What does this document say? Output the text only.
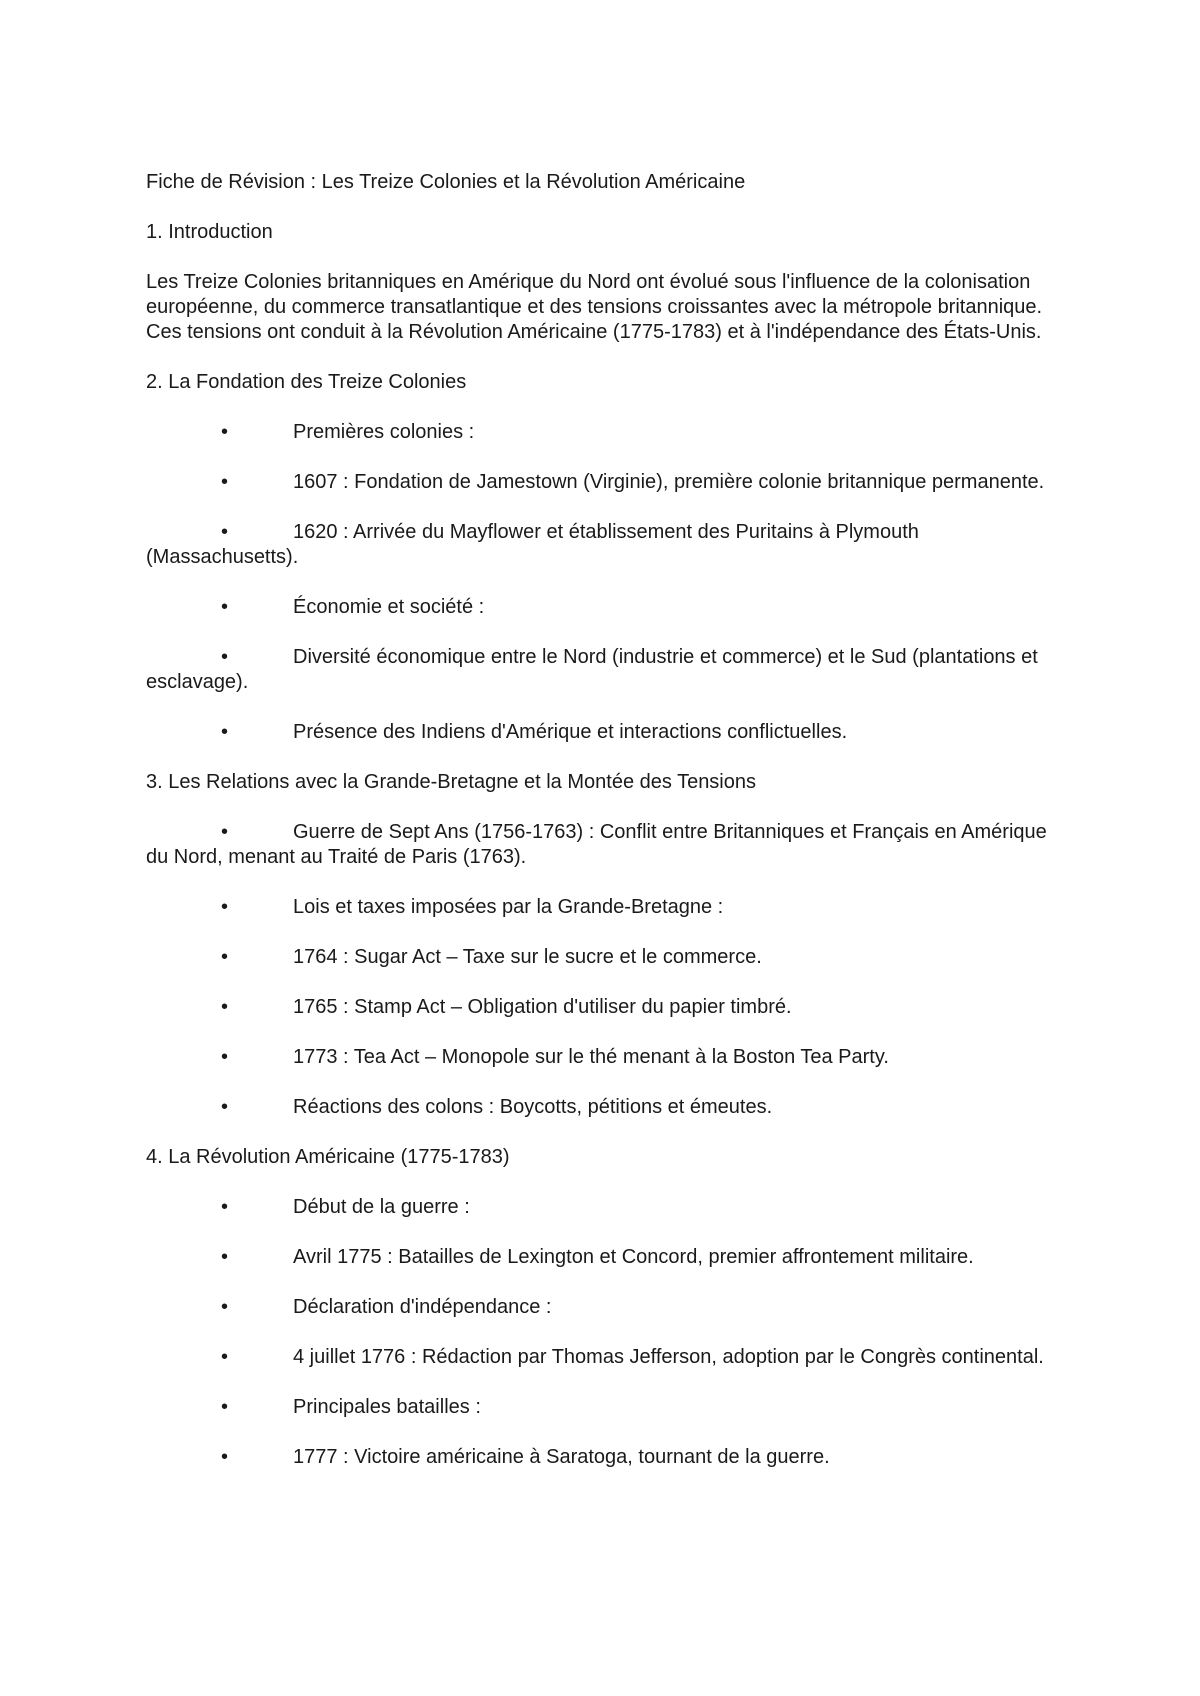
Fiche de Révision : Les Treize Colonies et la Révolution Américaine
1. Introduction
Les Treize Colonies britanniques en Amérique du Nord ont évolué sous l'influence de la colonisation européenne, du commerce transatlantique et des tensions croissantes avec la métropole britannique. Ces tensions ont conduit à la Révolution Américaine (1775-1783) et à l'indépendance des États-Unis.
2. La Fondation des Treize Colonies
•	Premières colonies :
•	1607 : Fondation de Jamestown (Virginie), première colonie britannique permanente.
•	1620 : Arrivée du Mayflower et établissement des Puritains à Plymouth (Massachusetts).
•	Économie et société :
•	Diversité économique entre le Nord (industrie et commerce) et le Sud (plantations et esclavage).
•	Présence des Indiens d'Amérique et interactions conflictuelles.
3. Les Relations avec la Grande-Bretagne et la Montée des Tensions
•	Guerre de Sept Ans (1756-1763) : Conflit entre Britanniques et Français en Amérique du Nord, menant au Traité de Paris (1763).
•	Lois et taxes imposées par la Grande-Bretagne :
•	1764 : Sugar Act – Taxe sur le sucre et le commerce.
•	1765 : Stamp Act – Obligation d'utiliser du papier timbré.
•	1773 : Tea Act – Monopole sur le thé menant à la Boston Tea Party.
•	Réactions des colons : Boycotts, pétitions et émeutes.
4. La Révolution Américaine (1775-1783)
•	Début de la guerre :
•	Avril 1775 : Batailles de Lexington et Concord, premier affrontement militaire.
•	Déclaration d'indépendance :
•	4 juillet 1776 : Rédaction par Thomas Jefferson, adoption par le Congrès continental.
•	Principales batailles :
•	1777 : Victoire américaine à Saratoga, tournant de la guerre.
